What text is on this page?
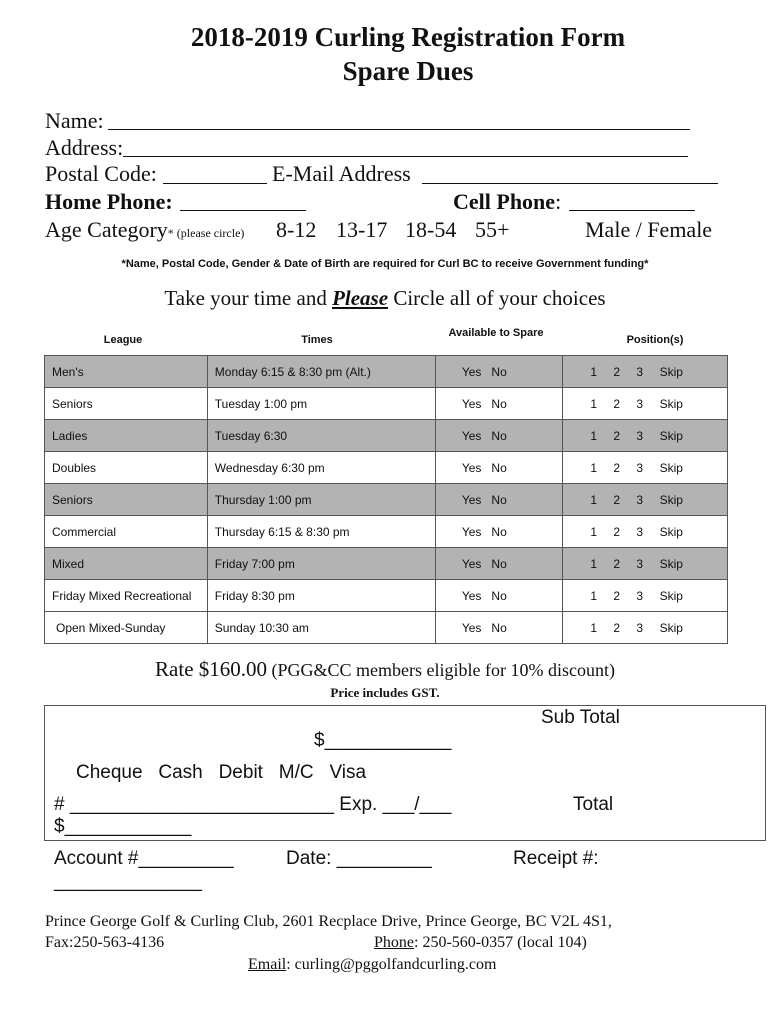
2018-2019 Curling Registration Form
Spare Dues
Name:
Address:
Postal Code:	E-Mail Address
Home Phone:	Cell Phone:
Age Category* (please circle) 8-12 13-17 18-54 55+	Male / Female
*Name, Postal Code, Gender & Date of Birth are required for Curl BC to receive Government funding*
Take your time and Please Circle all of your choices
League	Times
Available to Spare
Position(s)
Men's	Monday 6:15 & 8:30 pm (Alt.)	Yes No	1 2 3 Skip
Seniors	Tuesday 1:00 pm	Yes No	1 2 3 Skip
Ladies	Tuesday 6:30	Yes No	1 2 3 Skip
Doubles	Wednesday 6:30 pm	Yes No	1 2 3 Skip
Seniors	Thursday 1:00 pm	Yes No	1 2 3 Skip
Commercial	Thursday 6:15 & 8:30 pm	Yes No	1 2 3 Skip
Mixed	Friday 7:00 pm	Yes No	1 2 3 Skip
Friday Mixed Recreational	Friday 8:30 pm	Yes No	1 2 3 Skip
Open Mixed-Sunday	Sunday 10:30 am	Yes No	1 2 3 Skip
Rate $160.00 (PGG&CC members eligible for 10% discount)
Price includes GST.
Sub Total
$____________
Cheque   Cash   Debit   M/C   Visa
# _________________________ Exp. ___/___	Total
$____________
Account #_________	Date: _________	Receipt #:
______________
Prince George Golf & Curling Club, 2601 Recplace Drive, Prince George, BC V2L 4S1,
Fax:250-563-4136	Phone: 250-560-0357 (local 104)
Email: curling@pggolfandcurling.com
